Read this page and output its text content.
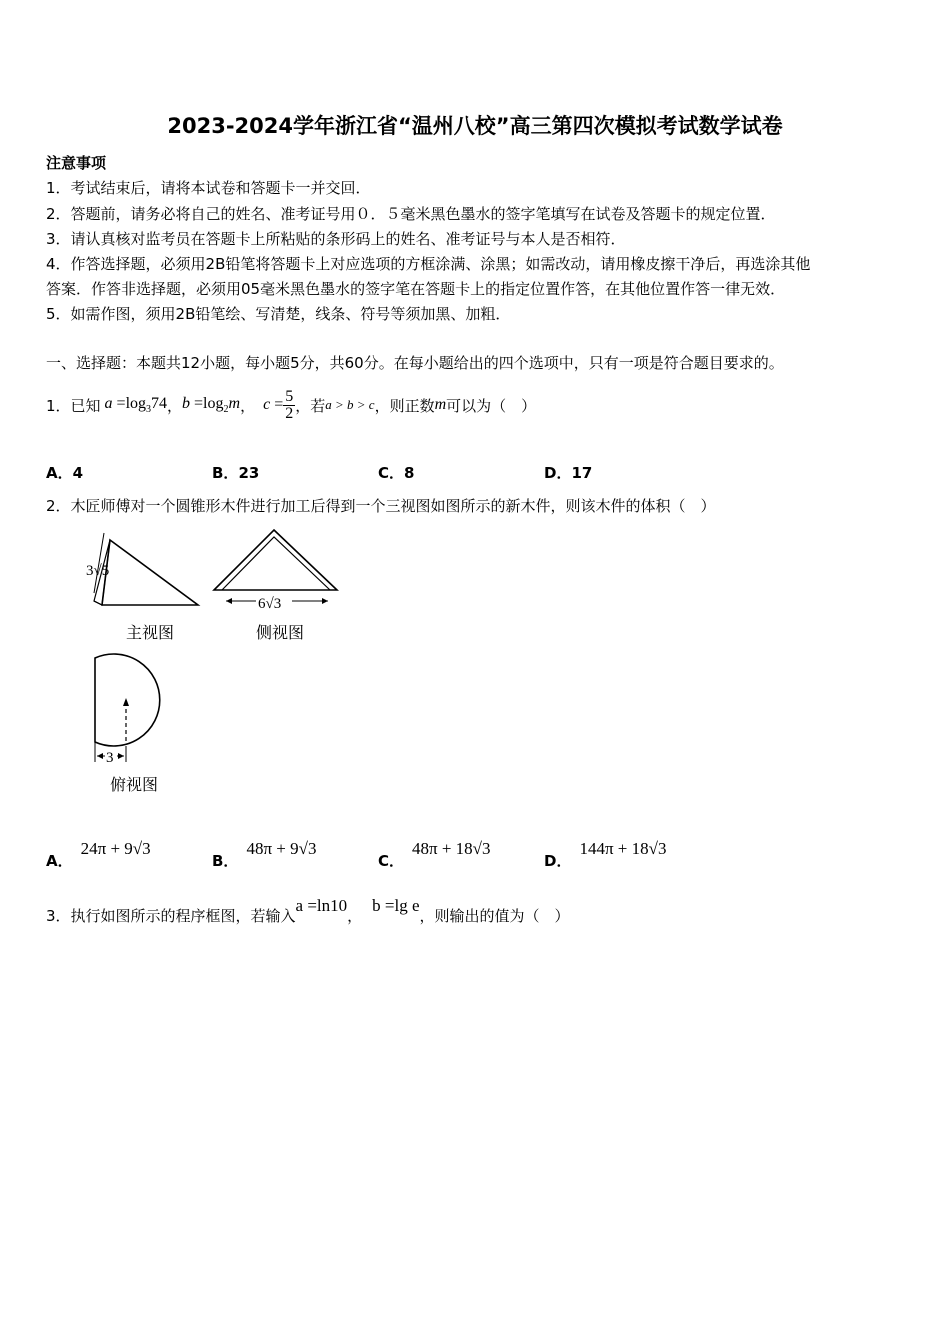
2023-2024学年浙江省“温州八校”高三第四次模拟考试数学试卷
注意事项
1．考试结束后，请将本试卷和答题卡一并交回．
2．答题前，请务必将自己的姓名、准考证号用０．５毫米黑色墨水的签字笔填写在试卷及答题卡的规定位置．
3．请认真核对监考员在答题卡上所粘贴的条形码上的姓名、准考证号与本人是否相符．
4．作答选择题，必须用2B铅笔将答题卡上对应选项的方框涂满、涂黑；如需改动，请用橡皮擦干净后，再选涂其他
答案．作答非选择题，必须用05毫米黑色墨水的签字笔在答题卡上的指定位置作答，在其他位置作答一律无效．
5．如需作图，须用2B铅笔绘、写清楚，线条、符号等须加黑、加粗．
一、选择题：本题共12小题，每小题5分，共60分。在每小题给出的四个选项中，只有一项是符合题目要求的。
1．已知 $a =\log_374$ ， $b =\log_2m$ ， $c = \frac{5}{2}$ ，若 a > b > c ，则正数 m 可以为（　）
A．4	B．23	C．8	D．17
2．木匠师傅对一个圆锥形木件进行加工后得到一个三视图如图所示的新木件，则该木件的体积（　）
3√5
主视图
6√3
侧视图
3
俯视图
A．24π + 9√3
B．48π + 9√3
C．48π + 18√3
D．144π + 18√3
3．执行如图所示的程序框图，若输入
a =ln10
，
b =lg e
，则输出的值为（　）
